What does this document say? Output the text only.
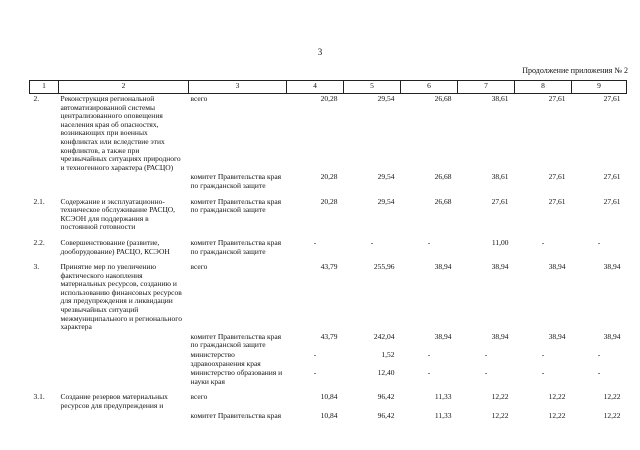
3
Продолжение приложения № 2
1	2	3	4	5	6	7	8	9
2.	Реконструкция региональной автоматизированной системы централизованного оповещения населения края об опасностях, возникающих при военных конфликтах или вследствие этих конфликтов, а также при чрезвычайных ситуациях природного и техногенного характера (РАСЦО)	всего	20,28	29,54	26,68	38,61	27,61	27,61
		комитет Правительства края по гражданской защите	20,28	29,54	26,68	38,61	27,61	27,61

2.1.	Содержание и эксплуатационно-техническое обслуживание РАСЦО, КСЭОН для поддержания в постоянной готовности	комитет Правительства края по гражданской защите	20,28	29,54	26,68	27,61	27,61	27,61

2.2.	Совершенствование (развитие, дооборудование) РАСЦО, КСЭОН	комитет Правительства края по гражданской защите	-	-	-	11,00	-	-

3.	Принятие мер по увеличению фактического накопления материальных ресурсов, созданию и использованию финансовых ресурсов для предупреждения и ликвидации чрезвычайных ситуаций межмуниципального и регионального характера	всего	43,79	255,96	38,94	38,94	38,94	38,94
		комитет Правительства края по гражданской защите	43,79	242,04	38,94	38,94	38,94	38,94
		министерство здравоохранения края	-	1,52	-	-	-	-
		министерство образования и науки края	-	12,40	-	-	-	-

3.1.	Создание резервов материальных ресурсов для предупреждения и	всего	10,84	96,42	11,33	12,22	12,22	12,22
		комитет Правительства края	10,84	96,42	11,33	12,22	12,22	12,22
